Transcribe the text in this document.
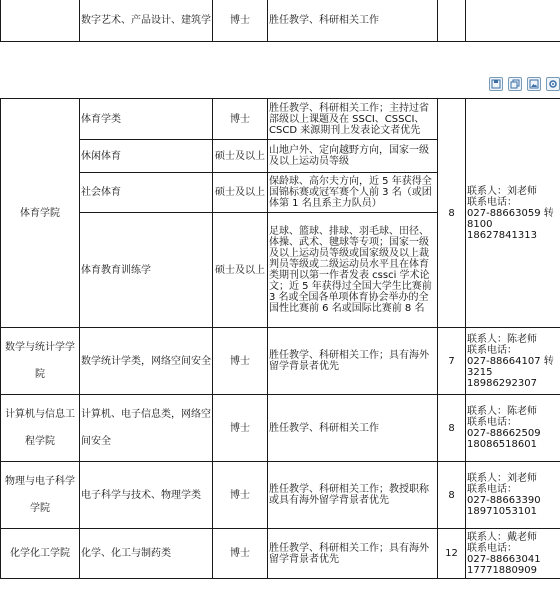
	数字艺术、产品设计、建筑学	博士	胜任教学、科研相关工作		
体育学院	体育学类	博士	胜任教学、科研相关工作；主持过省部级以上课题及在 SSCI、CSSCI、CSCD 来源期刊上发表论文者优先	8	联系人：刘老师
联系电话：
027-88663059 转
8100
18627841313

	休闲体育	硕士及以上	山地户外、定向越野方向，国家一级及以上运动员等级		
	社会体育	硕士及以上	保龄球、高尔夫方向，近 5 年获得全国锦标赛或冠军赛个人前 3 名（或团体第 1 名且系主力队员）		
	体育教育训练学	硕士及以上	足球、篮球、排球、羽毛球、田径、体操、武术、毽球等专项；国家一级及以上运动员等级或国家级及以上裁判员等级或二级运动员水平且在体育类期刊以第一作者发表 cssci 学术论文；近 5 年获得过全国大学生比赛前 3 名或全国各单项体育协会举办的全国性比赛前 6 名或国际比赛前 8 名		
数学与统计学学院	数学统计学类，网络空间安全	博士	胜任教学、科研相关工作；具有海外留学背景者优先	7	联系人：陈老师
联系电话：
027-88664107 转
3215
18986292307

计算机与信息工程学院	计算机、电子信息类，网络空间安全	博士	胜任教学、科研相关工作	8	联系人：陈老师
联系电话：
027-88662509
18086518601

物理与电子科学学院	电子科学与技术、物理学类	博士	胜任教学、科研相关工作；教授职称或具有海外留学背景者优先	8	联系人：刘老师
联系电话：
027-88663390
18971053101

化学化工学院	化学、化工与制药类	博士	胜任教学、科研相关工作；具有海外留学背景者优先	12	联系人：戴老师
联系电话：
027-88663041
17771880909
